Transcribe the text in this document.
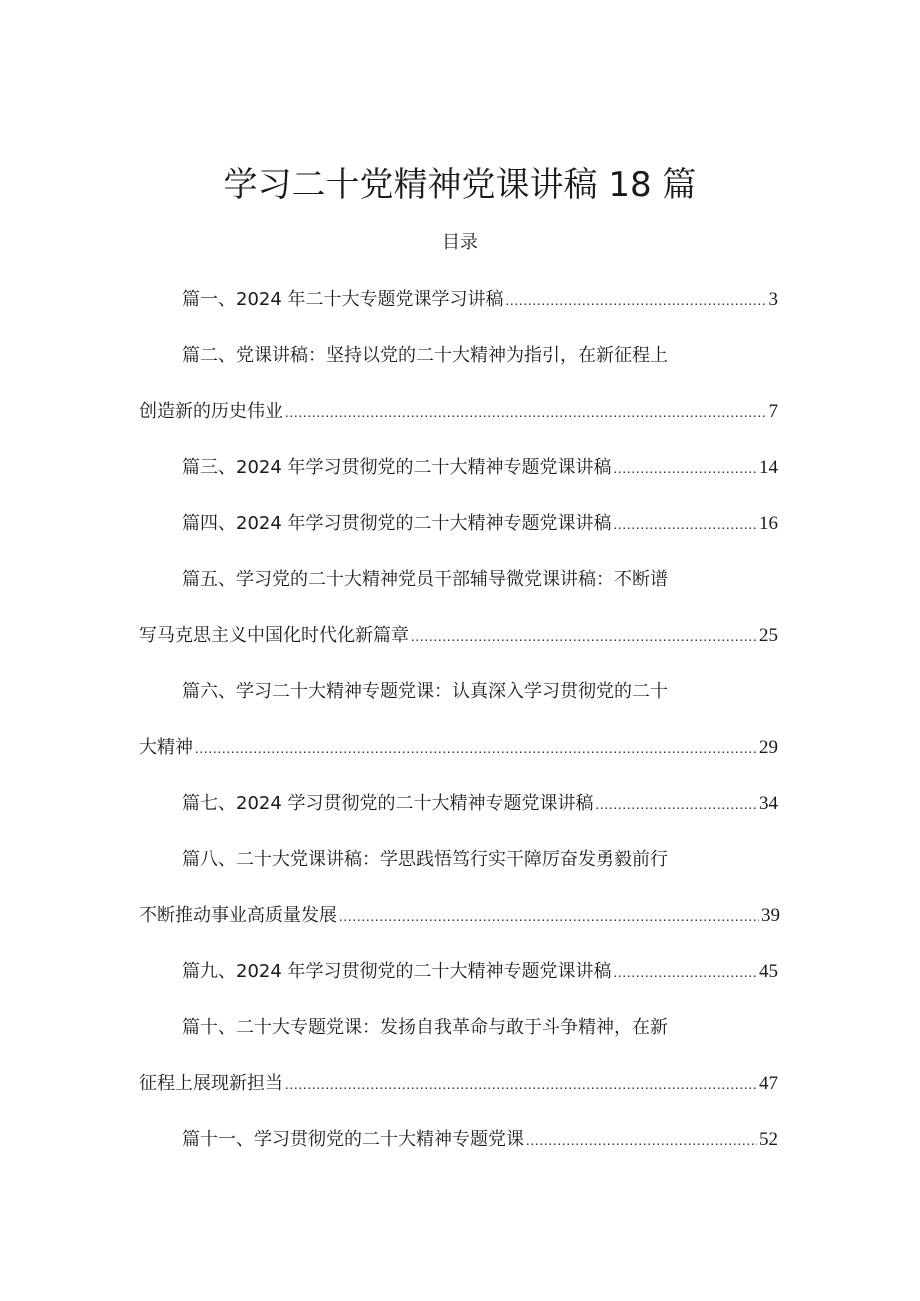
学习二十党精神党课讲稿 18 篇
目录
篇一、2024 年二十大专题党课学习讲稿 .....	3
篇二、党课讲稿：坚持以党的二十大精神为指引，在新征程上
创造新的历史伟业 .....	7
篇三、2024 年学习贯彻党的二十大精神专题党课讲稿 .....	14
篇四、2024 年学习贯彻党的二十大精神专题党课讲稿 .....	16
篇五、学习党的二十大精神党员干部辅导微党课讲稿：不断谱
写马克思主义中国化时代化新篇章 .....	25
篇六、学习二十大精神专题党课：认真深入学习贯彻党的二十
大精神 .....	29
篇七、2024 学习贯彻党的二十大精神专题党课讲稿 .....	34
篇八、二十大党课讲稿：学思践悟笃行实干障厉奋发勇毅前行
不断推动事业高质量发展 .....	39
篇九、2024 年学习贯彻党的二十大精神专题党课讲稿 .....	45
篇十、二十大专题党课：发扬自我革命与敢于斗争精神，在新
征程上展现新担当 .....	47
篇十一、学习贯彻党的二十大精神专题党课 .....	52
